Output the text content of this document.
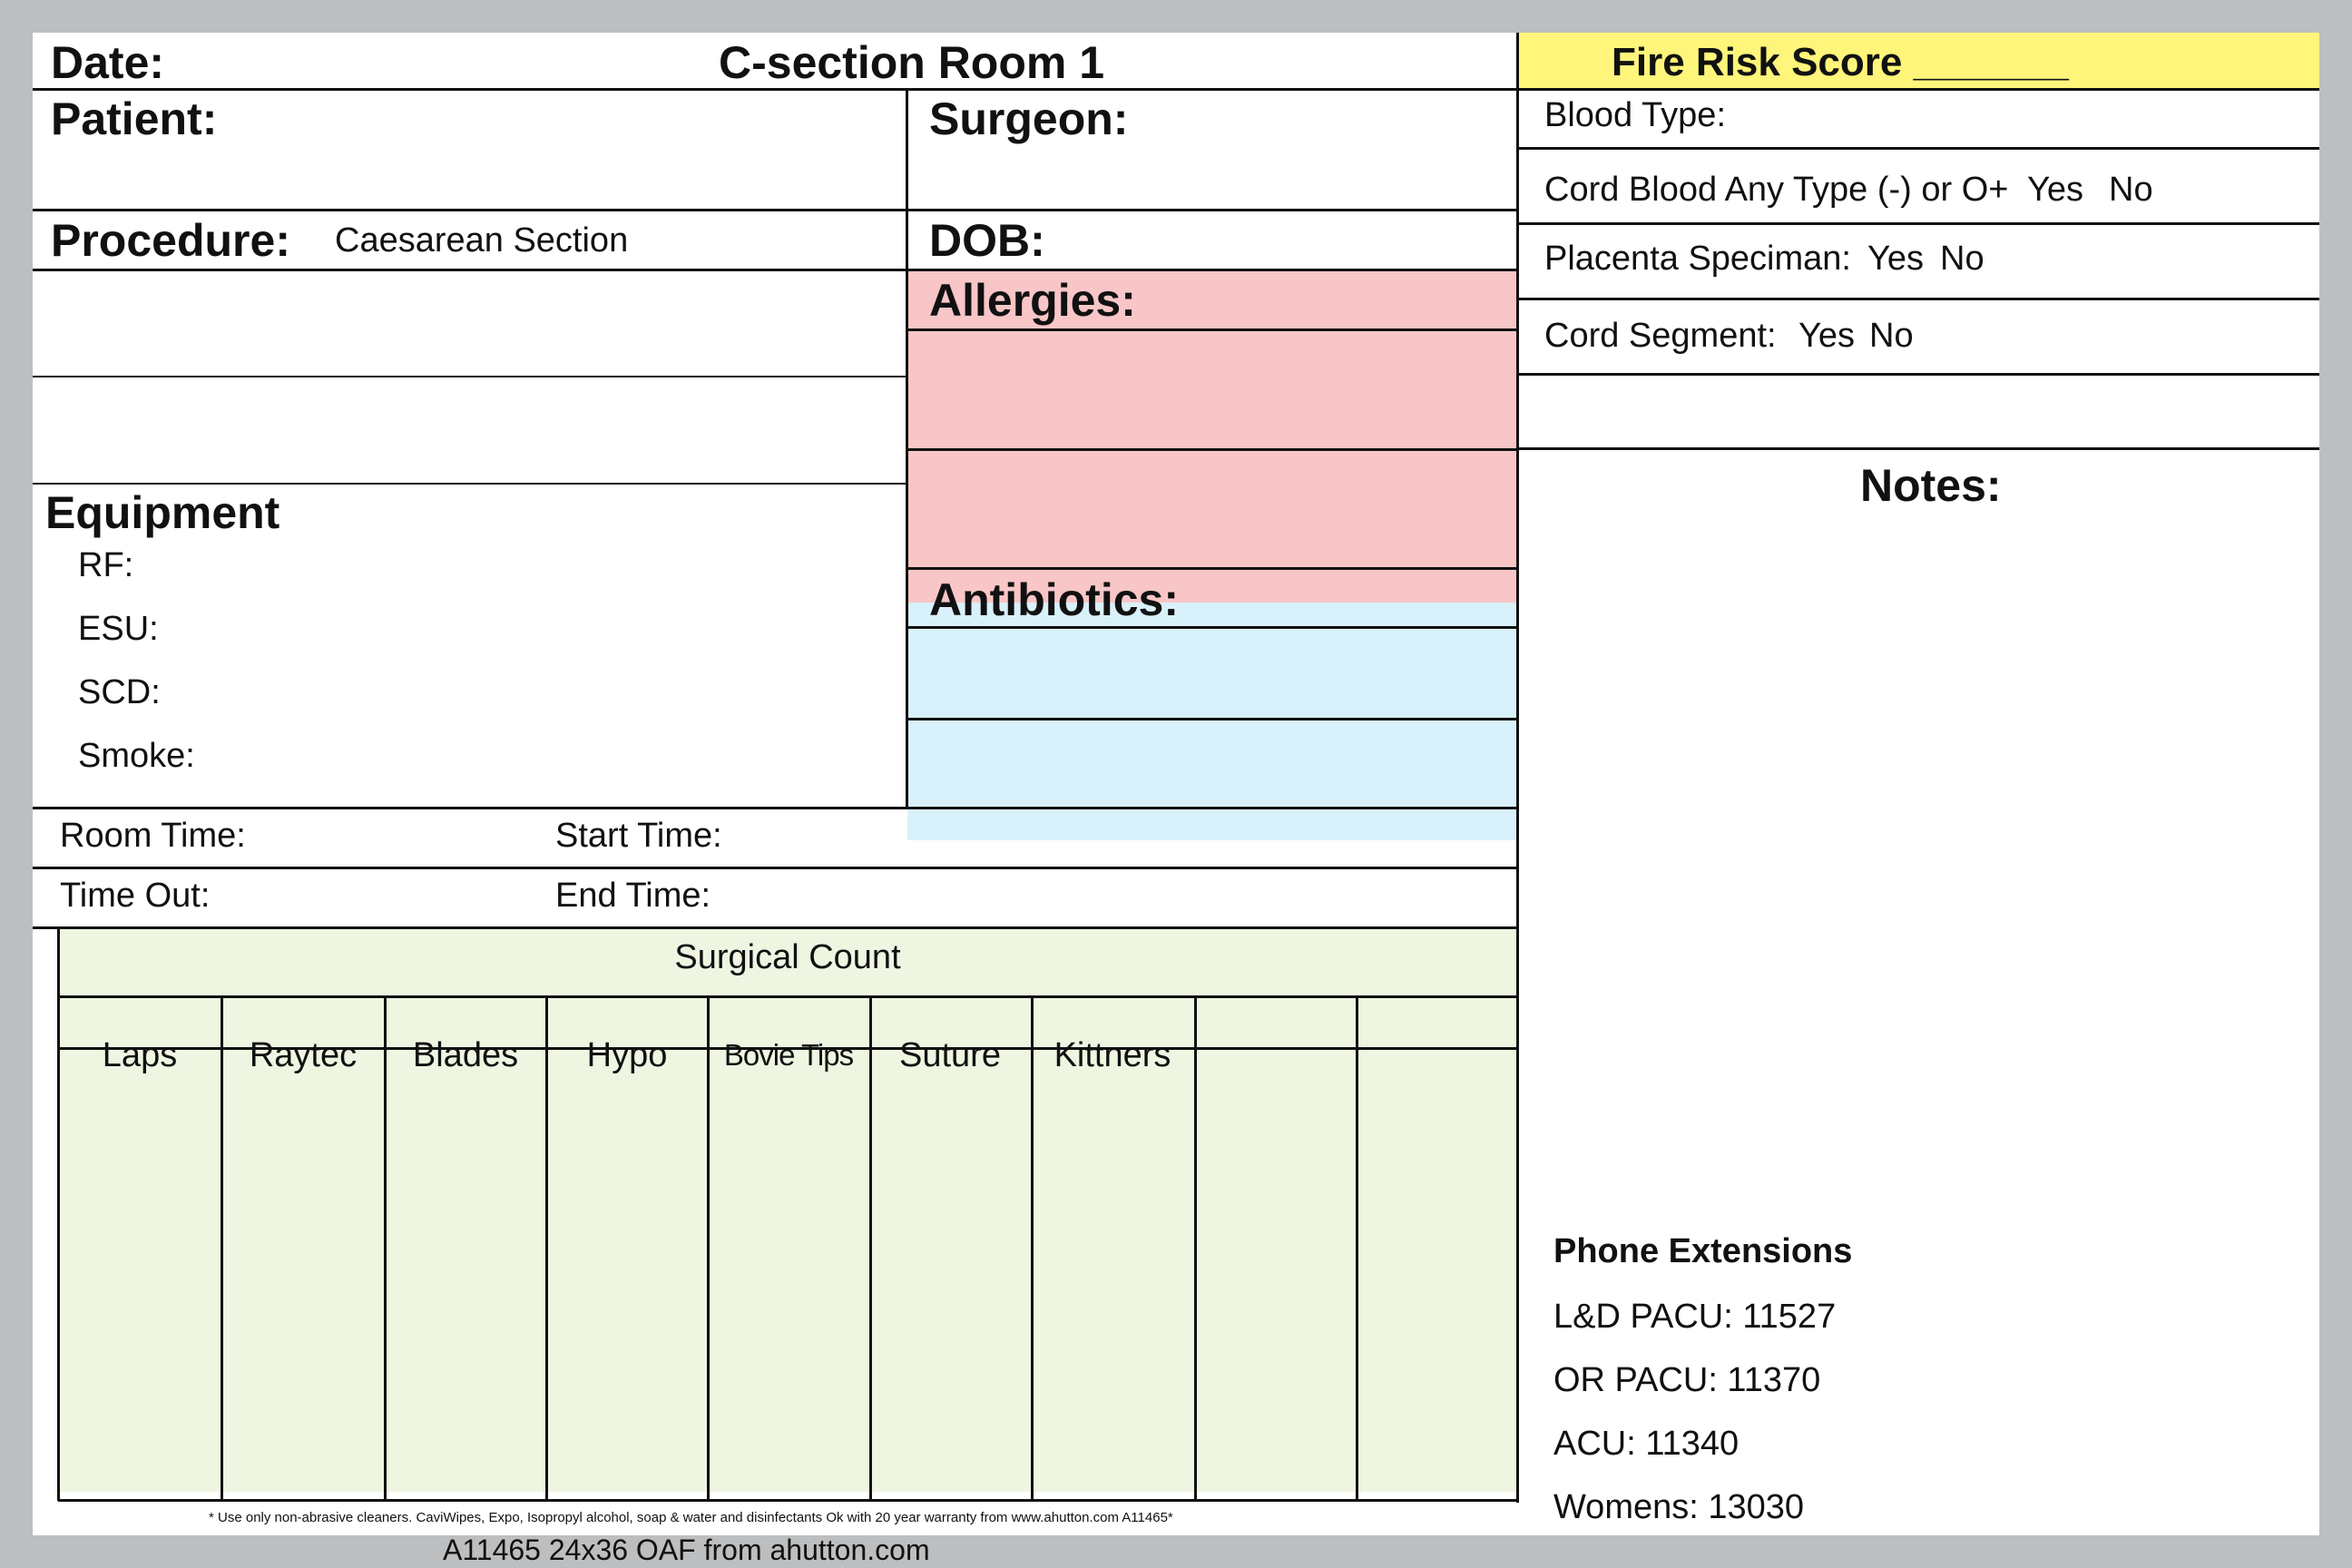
Date:	C-section Room 1	Fire Risk Score _______
Patient:	Surgeon:
Procedure: Caesarean Section	DOB:
Allergies:
Antibiotics:
Equipment
RF:
ESU:
SCD:
Smoke:
Blood Type:
Cord Blood Any Type (-) or O+ Yes No
Placenta Speciman: Yes No
Cord Segment: Yes No
Notes:
Room Time:	Start Time:
Time Out:	End Time:
Surgical Count
Laps	Raytec	Blades	Hypo	Bovie Tips	Suture	Kittners
Phone Extensions
L&D PACU: 11527
OR PACU: 11370
ACU: 11340
Womens: 13030
* Use only non-abrasive cleaners. CaviWipes, Expo, Isopropyl alcohol, soap & water and disinfectants Ok with 20 year warranty from www.ahutton.com A11465*
A11465 24x36 OAF from ahutton.com
